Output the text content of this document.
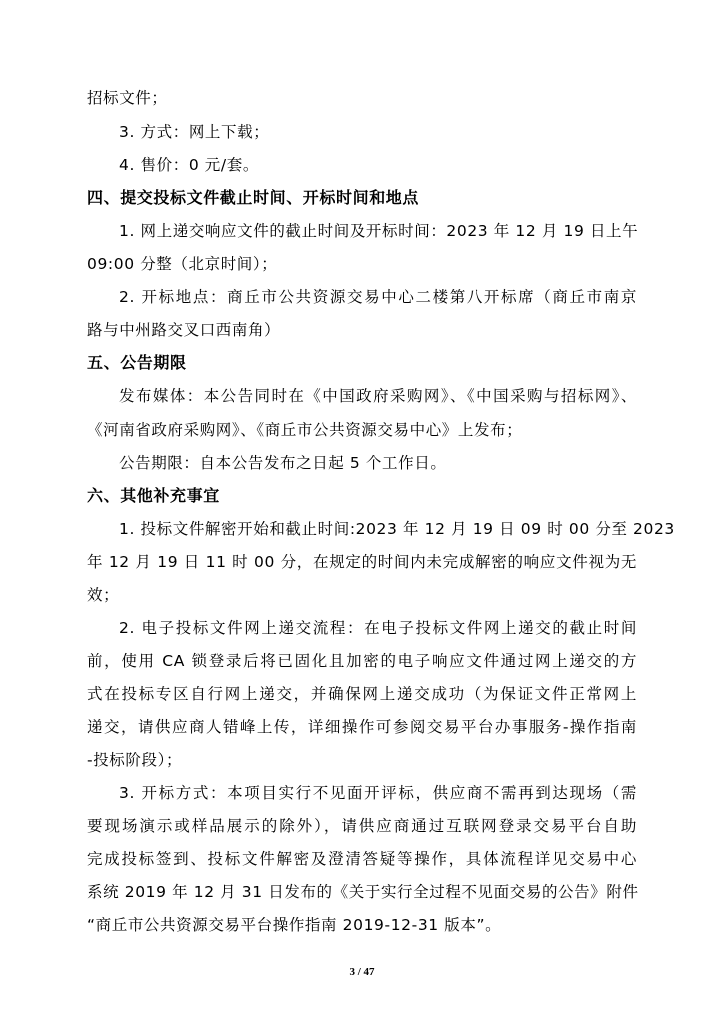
招标文件；
3. 方式：网上下载；
4. 售价：0 元/套。
四、提交投标文件截止时间、开标时间和地点
1. 网上递交响应文件的截止时间及开标时间：2023 年 12 月 19 日上午
09:00 分整（北京时间）；
2. 开标地点：商丘市公共资源交易中心二楼第八开标席（商丘市南京
路与中州路交叉口西南角）
五、公告期限
发布媒体：本公告同时在《中国政府采购网》、《中国采购与招标网》、
《河南省政府采购网》、《商丘市公共资源交易中心》上发布；
公告期限：自本公告发布之日起 5 个工作日。
六、其他补充事宜
1. 投标文件解密开始和截止时间:2023 年 12 月 19 日 09 时 00 分至 2023
年 12 月 19 日 11 时 00 分，在规定的时间内未完成解密的响应文件视为无
效；
2. 电子投标文件网上递交流程：在电子投标文件网上递交的截止时间
前，使用 CA 锁登录后将已固化且加密的电子响应文件通过网上递交的方
式在投标专区自行网上递交，并确保网上递交成功（为保证文件正常网上
递交，请供应商人错峰上传，详细操作可参阅交易平台办事服务-操作指南
-投标阶段）；
3. 开标方式：本项目实行不见面开评标，供应商不需再到达现场（需
要现场演示或样品展示的除外），请供应商通过互联网登录交易平台自助
完成投标签到、投标文件解密及澄清答疑等操作，具体流程详见交易中心
系统 2019 年 12 月 31 日发布的《关于实行全过程不见面交易的公告》附件
“商丘市公共资源交易平台操作指南 2019-12-31 版本”。
3 / 47
